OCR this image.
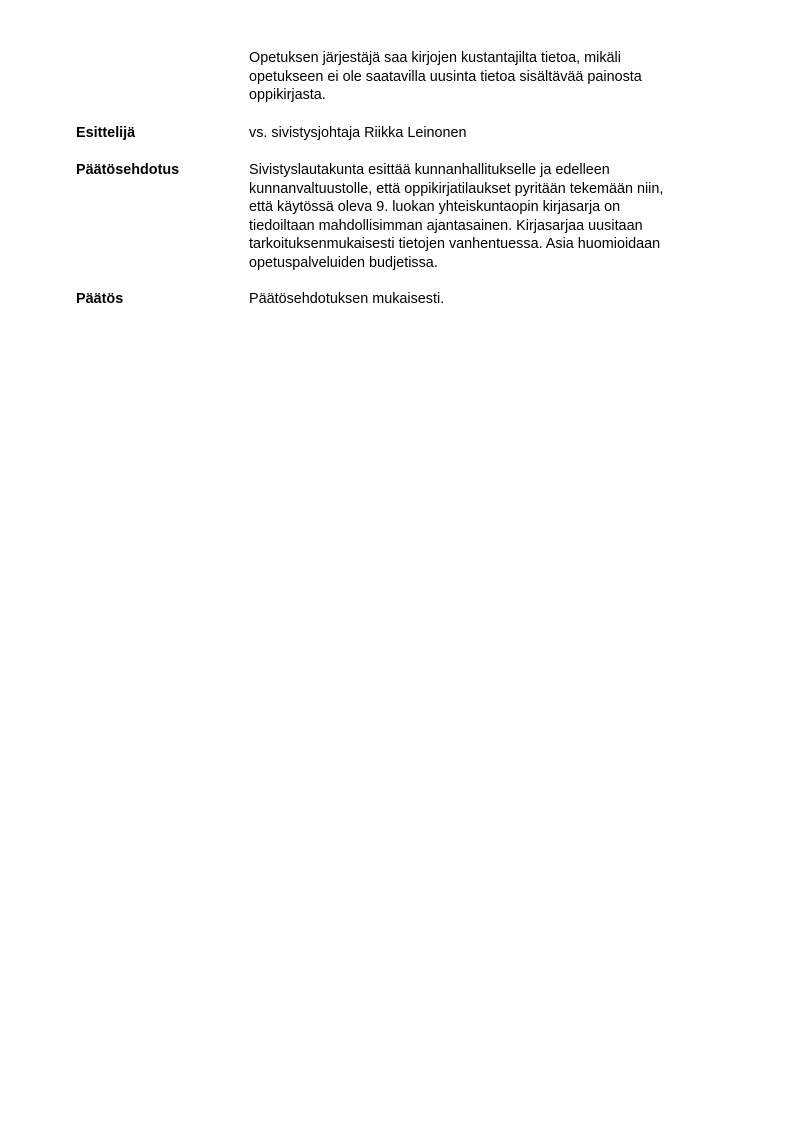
Opetuksen järjestäjä saa kirjojen kustantajilta tietoa, mikäli
opetukseen ei ole saatavilla uusinta tietoa sisältävää painosta
oppikirjasta.
Esittelijä	vs. sivistysjohtaja Riikka Leinonen
Päätösehdotus	Sivistyslautakunta esittää kunnanhallitukselle ja edelleen
kunnanvaltuustolle, että oppikirjatilaukset pyritään tekemään niin,
että käytössä oleva 9. luokan yhteiskuntaopin kirjasarja on
tiedoiltaan mahdollisimman ajantasainen. Kirjasarjaa uusitaan
tarkoituksenmukaisesti tietojen vanhentuessa. Asia huomioidaan
opetuspalveluiden budjetissa.
Päätös	Päätösehdotuksen mukaisesti.
